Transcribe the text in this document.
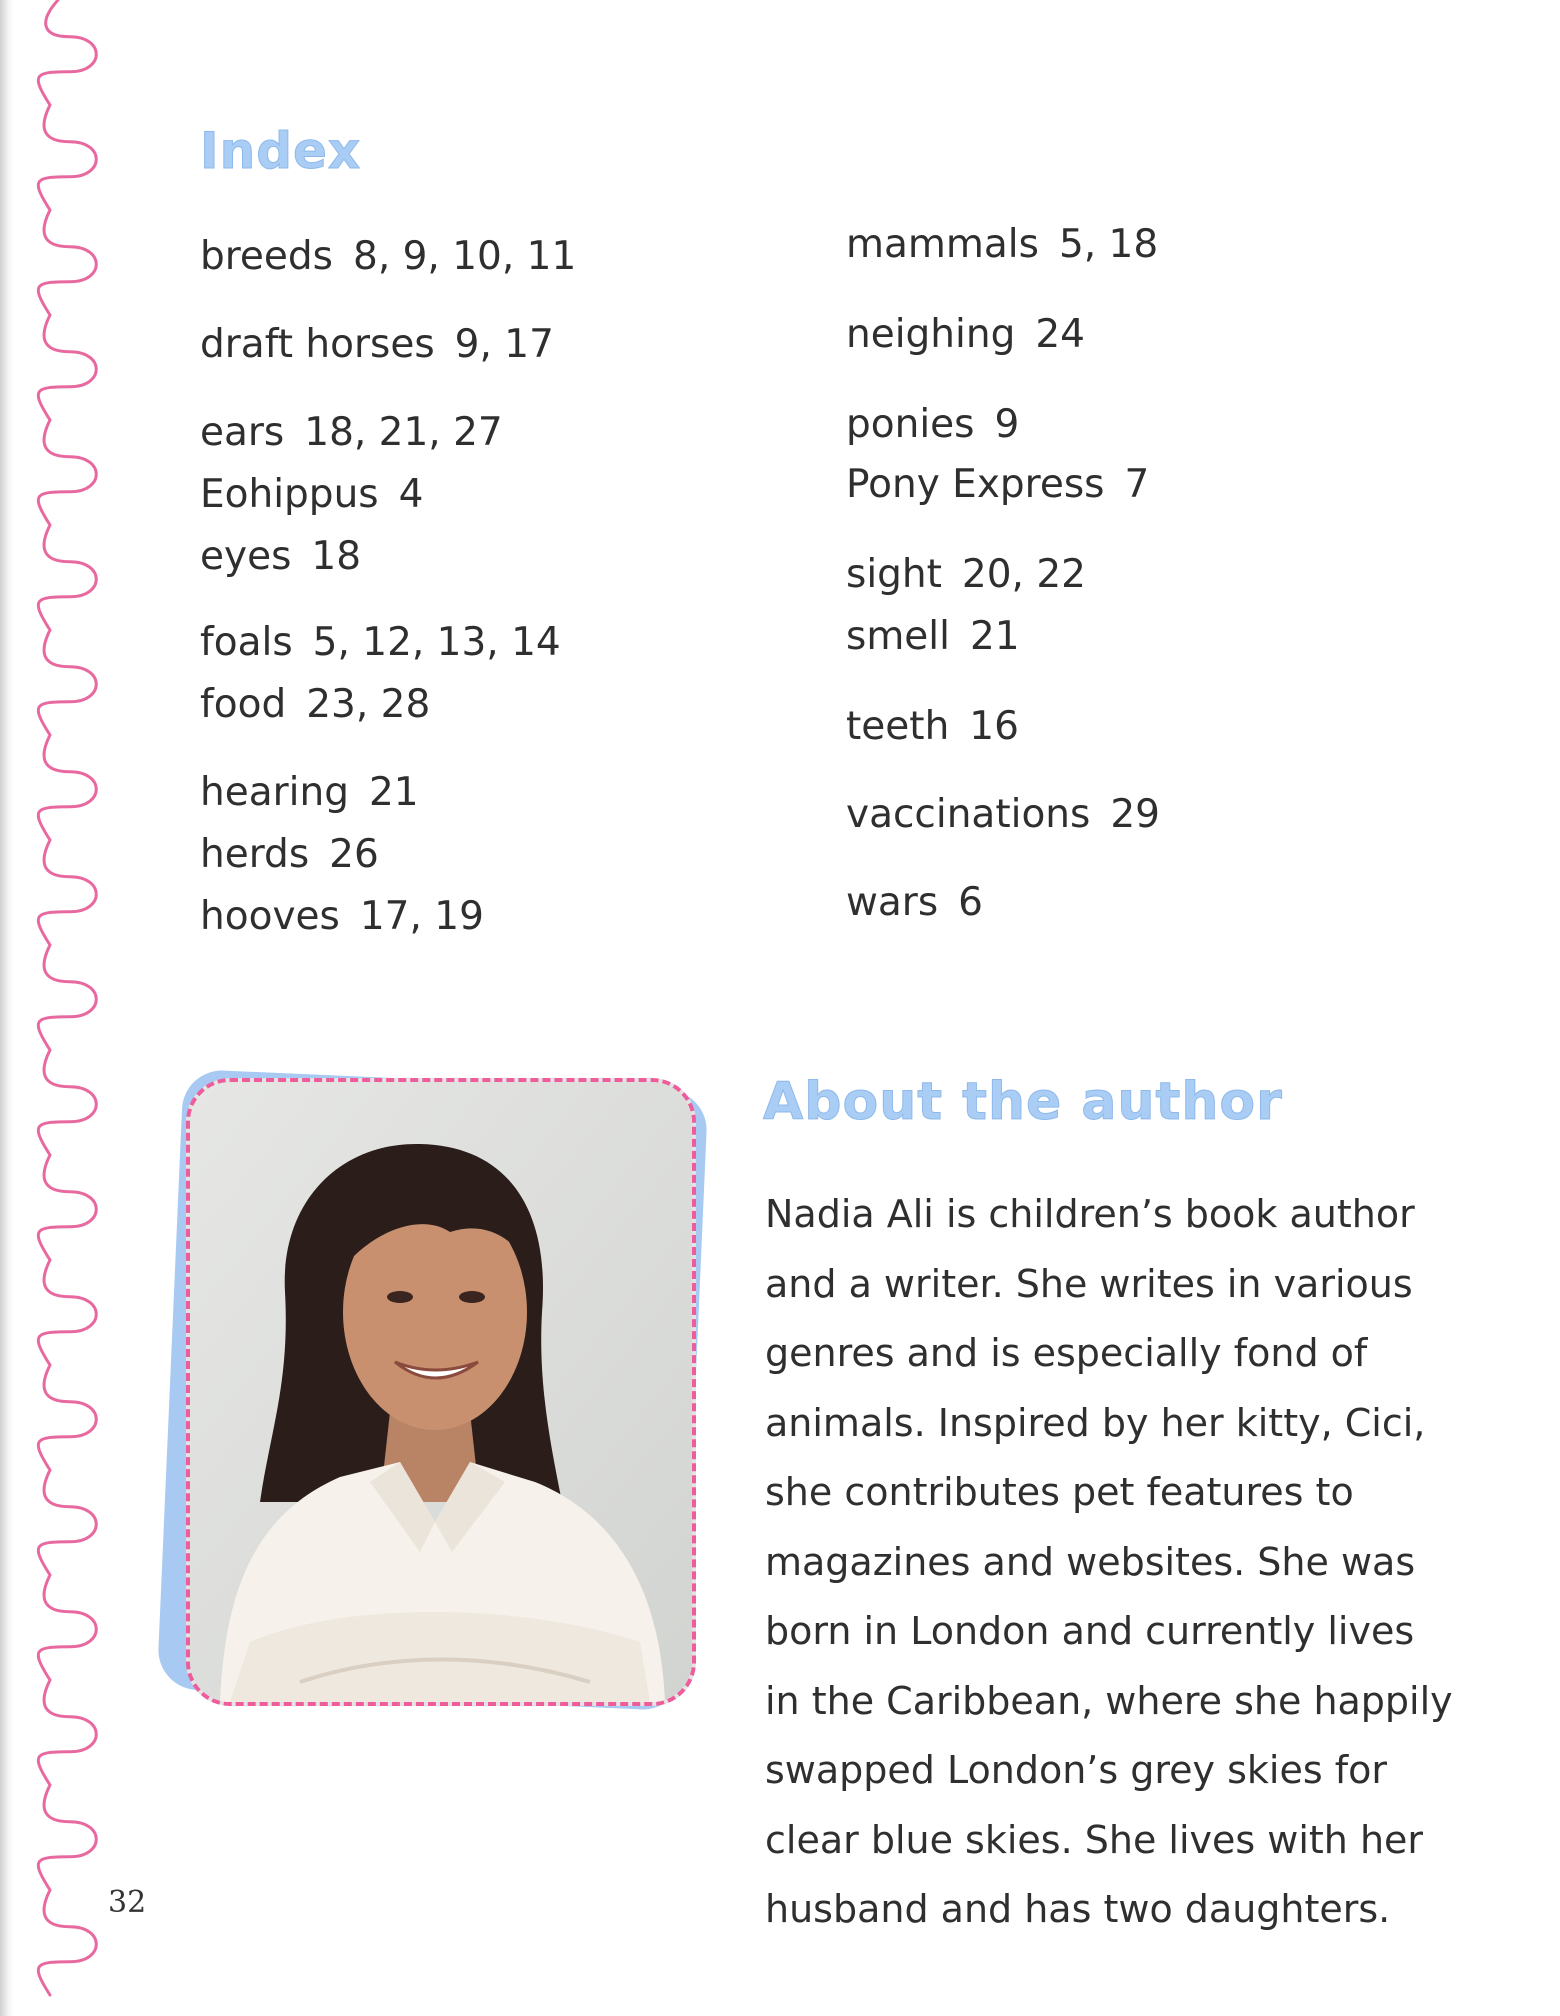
Index
breeds 8, 9, 10, 11
draft horses 9, 17
ears 18, 21, 27
Eohippus 4
eyes 18
foals 5, 12, 13, 14
food 23, 28
hearing 21
herds 26
hooves 17, 19
mammals 5, 18
neighing 24
ponies 9
Pony Express 7
sight 20, 22
smell 21
teeth 16
vaccinations 29
wars 6
About the author
Nadia Ali is children’s book author
and a writer. She writes in various
genres and is especially fond of
animals. Inspired by her kitty, Cici,
she contributes pet features to
magazines and websites. She was
born in London and currently lives
in the Caribbean, where she happily
swapped London’s grey skies for
clear blue skies. She lives with her
husband and has two daughters.
32
